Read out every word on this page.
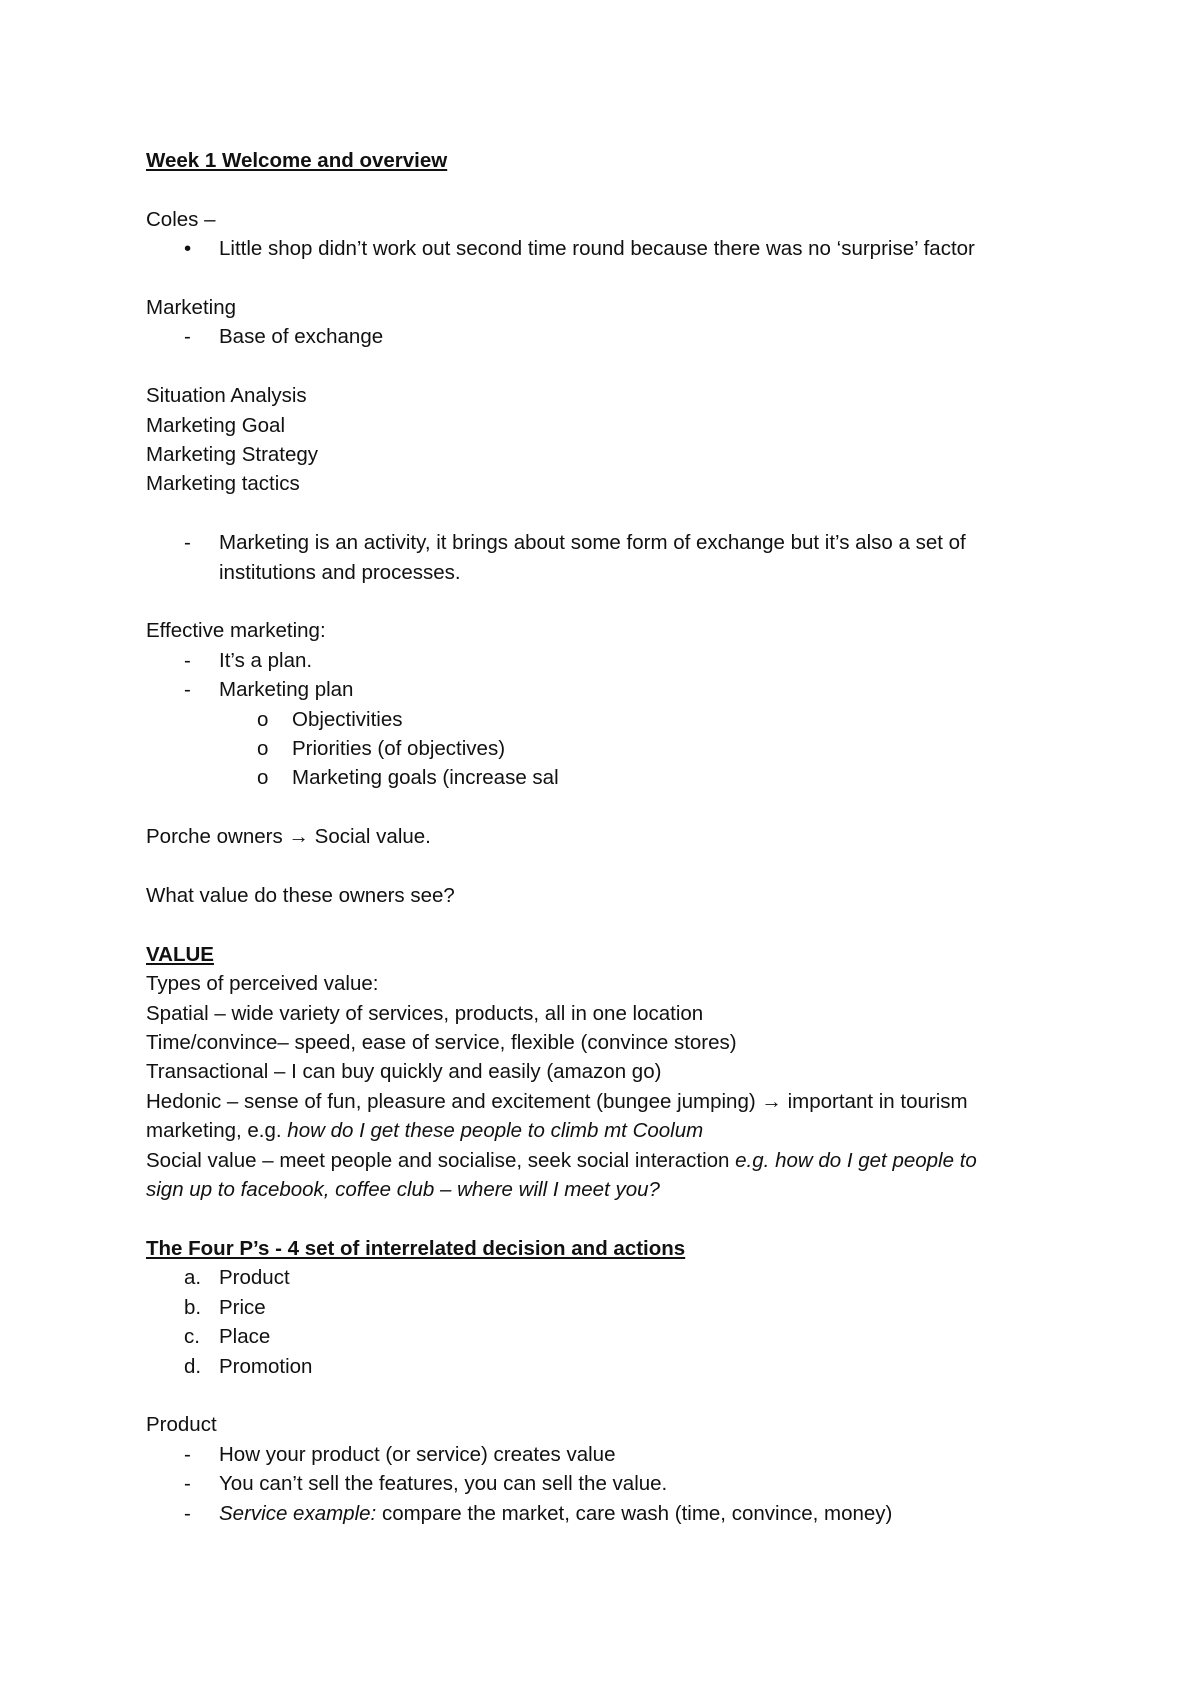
Week 1 Welcome and overview
Coles –
•	Little shop didn’t work out second time round because there was no ‘surprise’ factor
Marketing
-	Base of exchange
Situation Analysis
Marketing Goal
Marketing Strategy
Marketing tactics
-	Marketing is an activity, it brings about some form of exchange but it’s also a set of institutions and processes.
Effective marketing:
-	It’s a plan.
-	Marketing plan
o	Objectivities
o	Priorities (of objectives)
o	Marketing goals (increase sal
Porche owners → Social value.
What value do these owners see?
VALUE
Types of perceived value:
Spatial – wide variety of services, products, all in one location
Time/convince– speed, ease of service, flexible (convince stores)
Transactional – I can buy quickly and easily (amazon go)
Hedonic – sense of fun, pleasure and excitement (bungee jumping) → important in tourism
marketing, e.g. how do I get these people to climb mt Coolum
Social value – meet people and socialise, seek social interaction e.g. how do I get people to
sign up to facebook, coffee club – where will I meet you?
The Four P’s - 4 set of interrelated decision and actions
a. Product
b. Price
c. Place
d. Promotion
Product
-	How your product (or service) creates value
-	You can’t sell the features, you can sell the value.
-	Service example: compare the market, care wash (time, convince, money)
